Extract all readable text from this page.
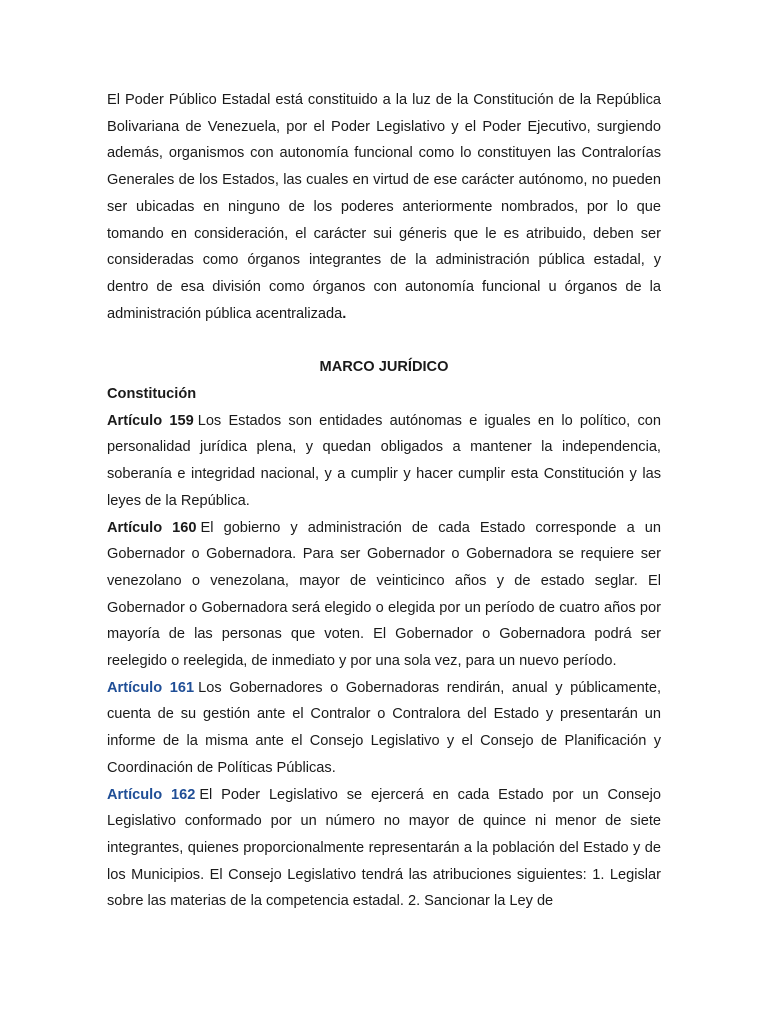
El Poder Público Estadal está constituido a la luz de la Constitución de la República Bolivariana de Venezuela, por el Poder Legislativo y el Poder Ejecutivo, surgiendo además, organismos con autonomía funcional como lo constituyen las Contralorías Generales de los Estados, las cuales en virtud de ese carácter autónomo, no pueden ser ubicadas en ninguno de los poderes anteriormente nombrados, por lo que tomando en consideración, el carácter sui géneris que le es atribuido, deben ser consideradas como órganos integrantes de la administración pública estadal, y dentro de esa división como órganos con autonomía funcional u órganos de la administración pública acentralizada.

MARCO JURÍDICO

Constitución

Artículo 159 Los Estados son entidades autónomas e iguales en lo político, con personalidad jurídica plena, y quedan obligados a mantener la independencia, soberanía e integridad nacional, y a cumplir y hacer cumplir esta Constitución y las leyes de la República.

Artículo 160 El gobierno y administración de cada Estado corresponde a un Gobernador o Gobernadora. Para ser Gobernador o Gobernadora se requiere ser venezolano o venezolana, mayor de veinticinco años y de estado seglar. El Gobernador o Gobernadora será elegido o elegida por un período de cuatro años por mayoría de las personas que voten. El Gobernador o Gobernadora podrá ser reelegido o reelegida, de inmediato y por una sola vez, para un nuevo período.

Artículo 161 Los Gobernadores o Gobernadoras rendirán, anual y públicamente, cuenta de su gestión ante el Contralor o Contralora del Estado y presentarán un informe de la misma ante el Consejo Legislativo y el Consejo de Planificación y Coordinación de Políticas Públicas.

Artículo 162 El Poder Legislativo se ejercerá en cada Estado por un Consejo Legislativo conformado por un número no mayor de quince ni menor de siete integrantes, quienes proporcionalmente representarán a la población del Estado y de los Municipios. El Consejo Legislativo tendrá las atribuciones siguientes: 1. Legislar sobre las materias de la competencia estadal. 2. Sancionar la Ley de
